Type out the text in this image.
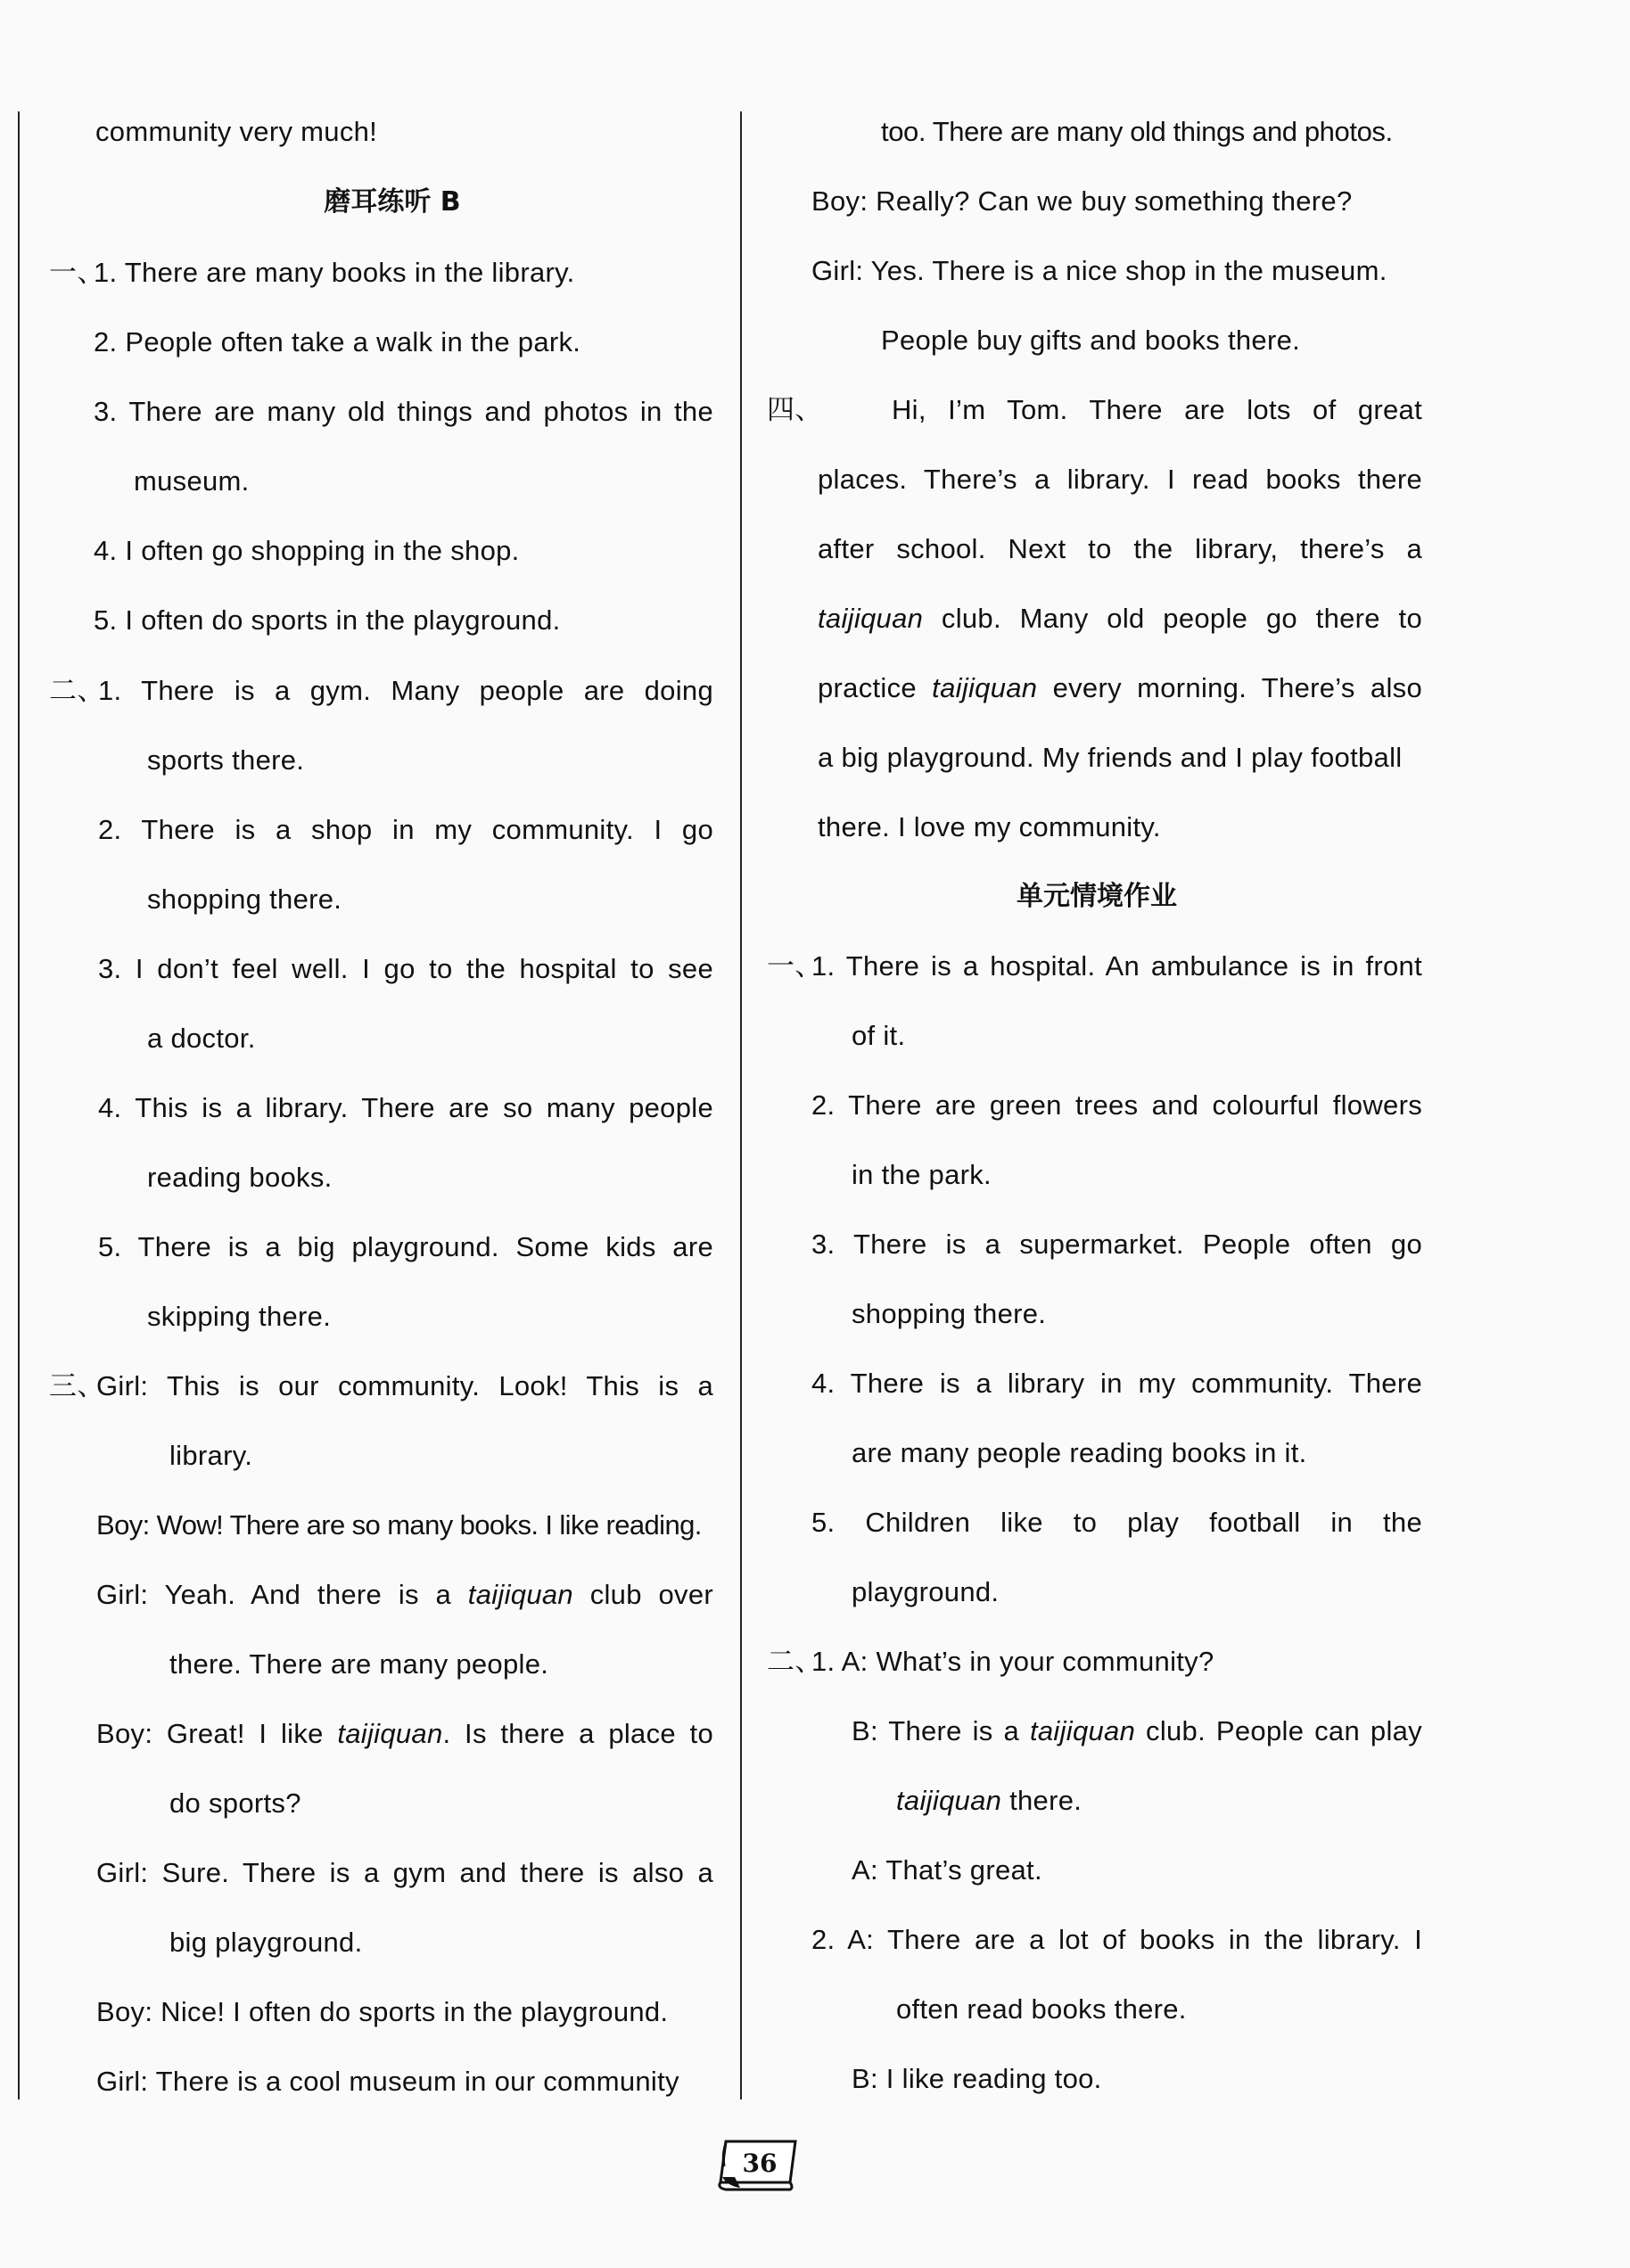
community very much!
磨耳练听 B
一、
1. There are many books in the library.
2. People often take a walk in the park.
3. There are many old things and photos in the
museum.
4. I often go shopping in the shop.
5. I often do sports in the playground.
二、
1. There is a gym. Many people are doing
sports there.
2. There is a shop in my community. I go
shopping there.
3. I don’t feel well. I go to the hospital to see
a doctor.
4. This is a library. There are so many people
reading books.
5. There is a big playground. Some kids are
skipping there.
三、
Girl: This is our community. Look! This is a
library.
Boy: Wow! There are so many books. I like reading.
Girl: Yeah. And there is a taijiquan club over
there. There are many people.
Boy: Great! I like taijiquan. Is there a place to
do sports?
Girl: Sure. There is a gym and there is also a
big playground.
Boy: Nice! I often do sports in the playground.
Girl: There is a cool museum in our community
too. There are many old things and photos.
Boy: Really? Can we buy something there?
Girl: Yes. There is a nice shop in the museum.
People buy gifts and books there.
四、 Hi, I’m Tom. There are lots of great
places. There’s a library. I read books there
after school. Next to the library, there’s a
taijiquan club. Many old people go there to
practice taijiquan every morning. There’s also
a big playground. My friends and I play football
there. I love my community.
单元情境作业
一、
1. There is a hospital. An ambulance is in front
of it.
2. There are green trees and colourful flowers
in the park.
3. There is a supermarket. People often go
shopping there.
4. There is a library in my community. There
are many people reading books in it.
5. Children like to play football in the
playground.
二、
1. A: What’s in your community?
B: There is a taijiquan club. People can play
taijiquan there.
A: That’s great.
2. A: There are a lot of books in the library. I
often read books there.
B: I like reading too.
36
